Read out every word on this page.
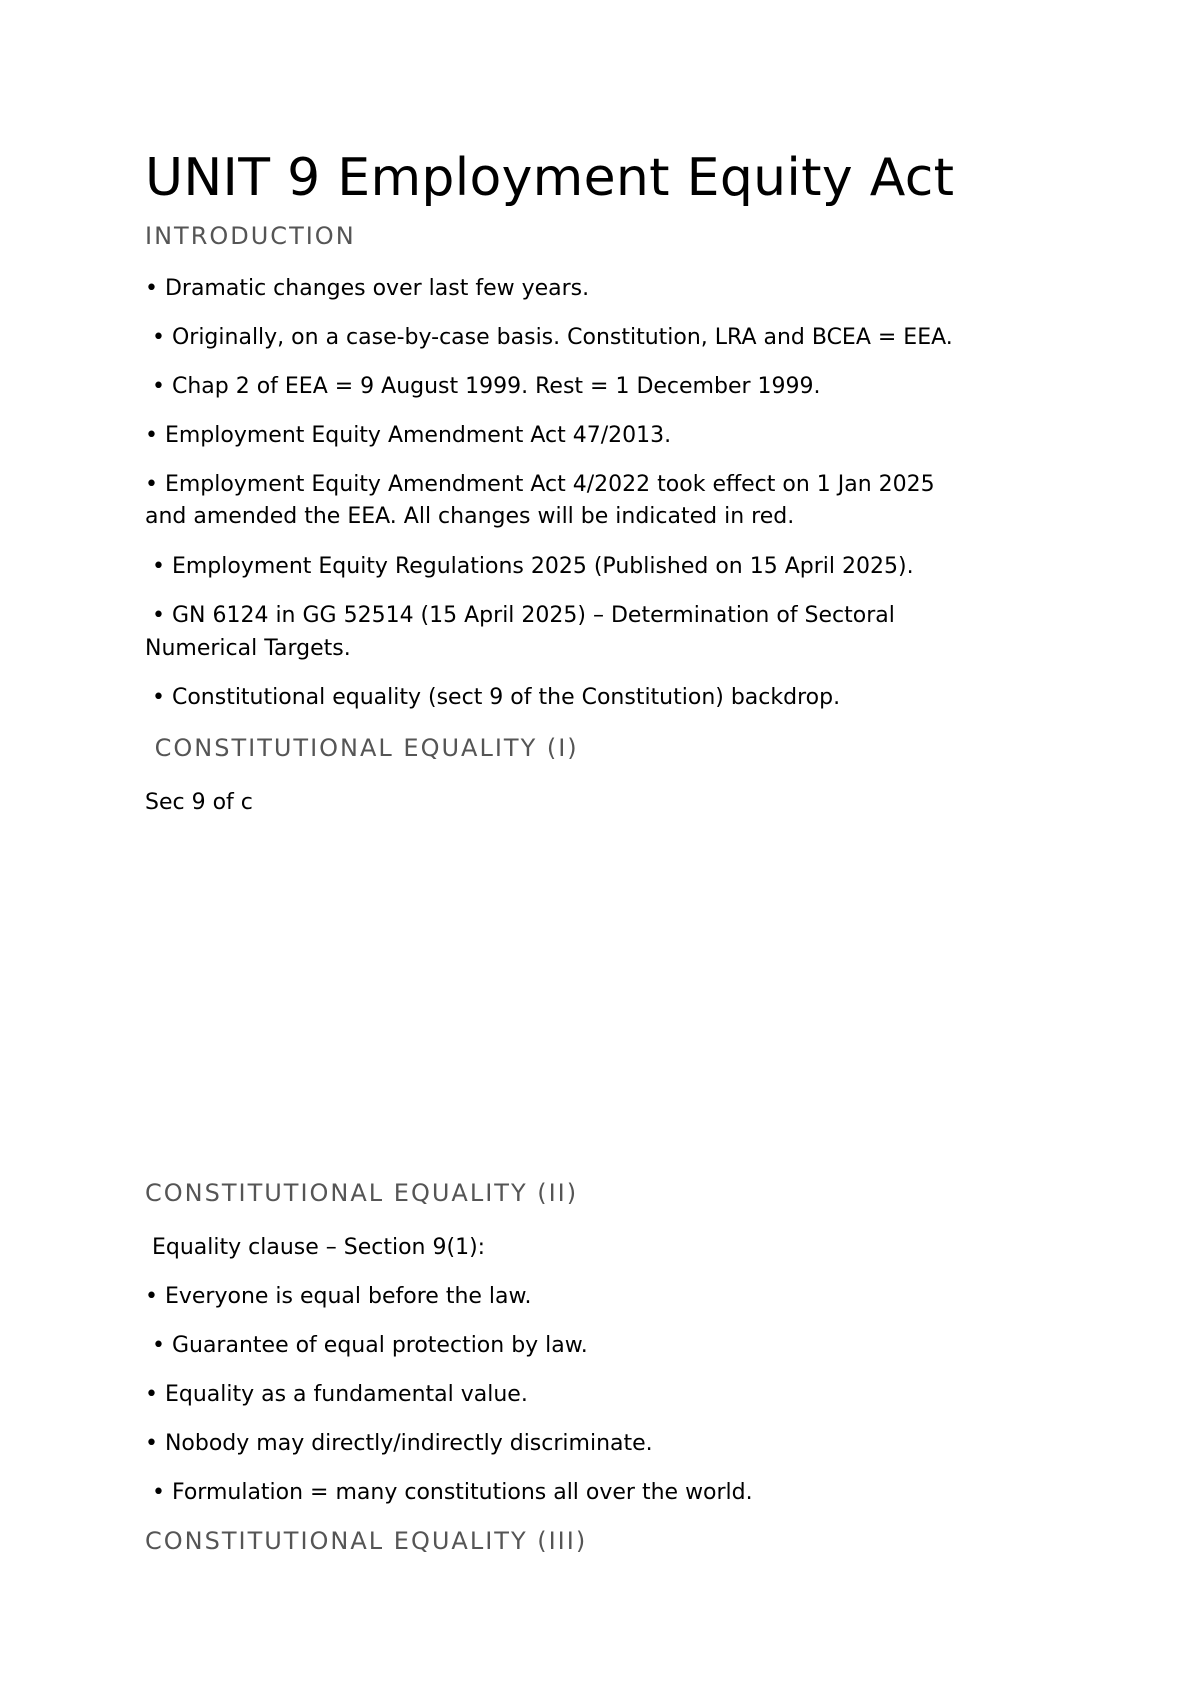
UNIT 9 Employment Equity Act
INTRODUCTION
• Dramatic changes over last few years.
• Originally, on a case-by-case basis. Constitution, LRA and BCEA = EEA.
• Chap 2 of EEA = 9 August 1999. Rest = 1 December 1999.
• Employment Equity Amendment Act 47/2013.
• Employment Equity Amendment Act 4/2022 took effect on 1 Jan 2025
and amended the EEA. All changes will be indicated in red.
• Employment Equity Regulations 2025 (Published on 15 April 2025).
• GN 6124 in GG 52514 (15 April 2025) – Determination of Sectoral
Numerical Targets.
• Constitutional equality (sect 9 of the Constitution) backdrop.
CONSTITUTIONAL EQUALITY (I)
Sec 9 of c
CONSTITUTIONAL EQUALITY (II)
Equality clause – Section 9(1):
• Everyone is equal before the law.
• Guarantee of equal protection by law.
• Equality as a fundamental value.
• Nobody may directly/indirectly discriminate.
• Formulation = many constitutions all over the world.
CONSTITUTIONAL EQUALITY (III)
